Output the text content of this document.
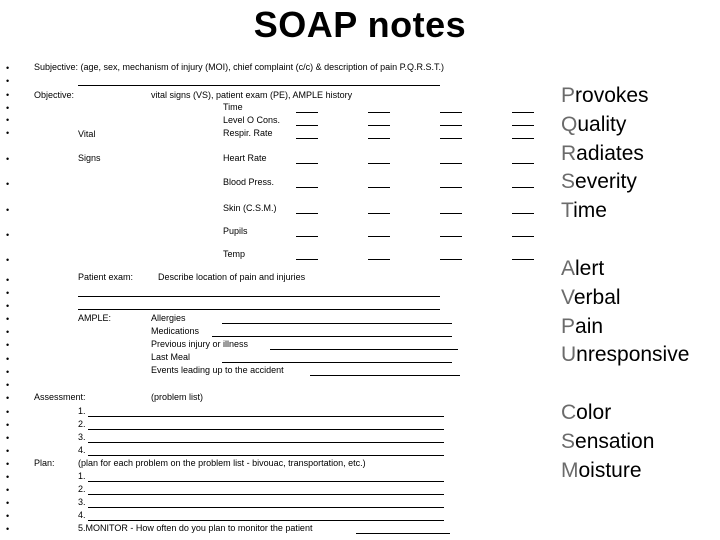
SOAP notes
•
•
•
•
•
•
•
•
•
•
•
•
•
•
•
•
•
•
•
•
•
•
•
•
•
•
•
•
•
•
•
Subjective: (age, sex, mechanism of injury (MOI), chief complaint (c/c) & description of pain P.Q.R.S.T.)
Objective:	vital signs (VS), patient exam (PE), AMPLE history
Vital
Signs
Time
Level O Cons.
Respir. Rate
Heart Rate
Blood Press.
Skin (C.S.M.)
Pupils
Temp
Patient exam:	Describe location of pain and injuries
AMPLE:	Allergies
Medications
Previous injury or illness
Last Meal
Events leading up to the accident
Assessment:	(problem list)
1.
2.
3.
4.
Plan:	(plan for each problem on the problem list - bivouac, transportation, etc.)
1.
2.
3.
4.
5.MONITOR - How often do you plan to monitor the patient
Provokes
Quality
Radiates
Severity
Time
Alert
Verbal
Pain
Unresponsive
Color
Sensation
Moisture
